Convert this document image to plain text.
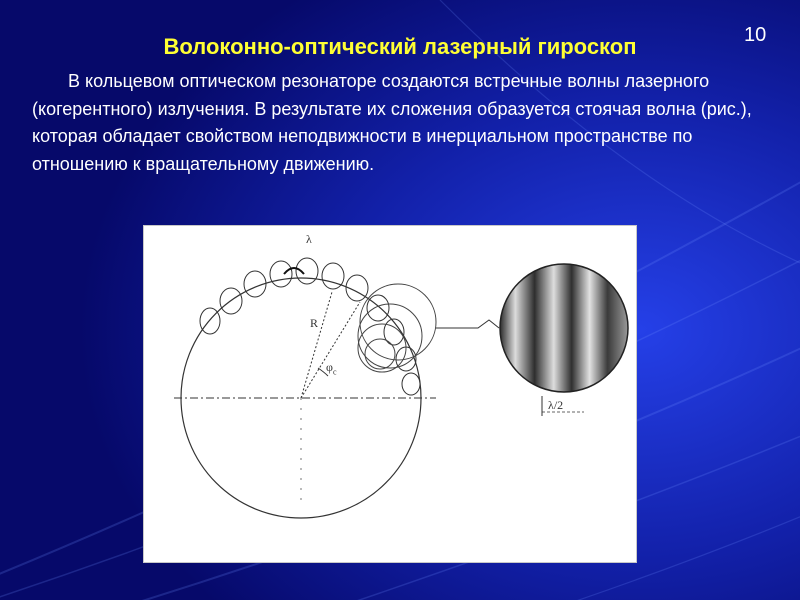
10
Волоконно-оптический лазерный гироскоп

В кольцевом оптическом резонаторе создаются встречные волны лазерного (когерентного) излучения. В результате их сложения образуется стоячая волна (рис.), которая обладает свойством неподвижности в инерциальном пространстве по отношению к вращательному движению.

λ
R
$\varphi_c$
λ/2
